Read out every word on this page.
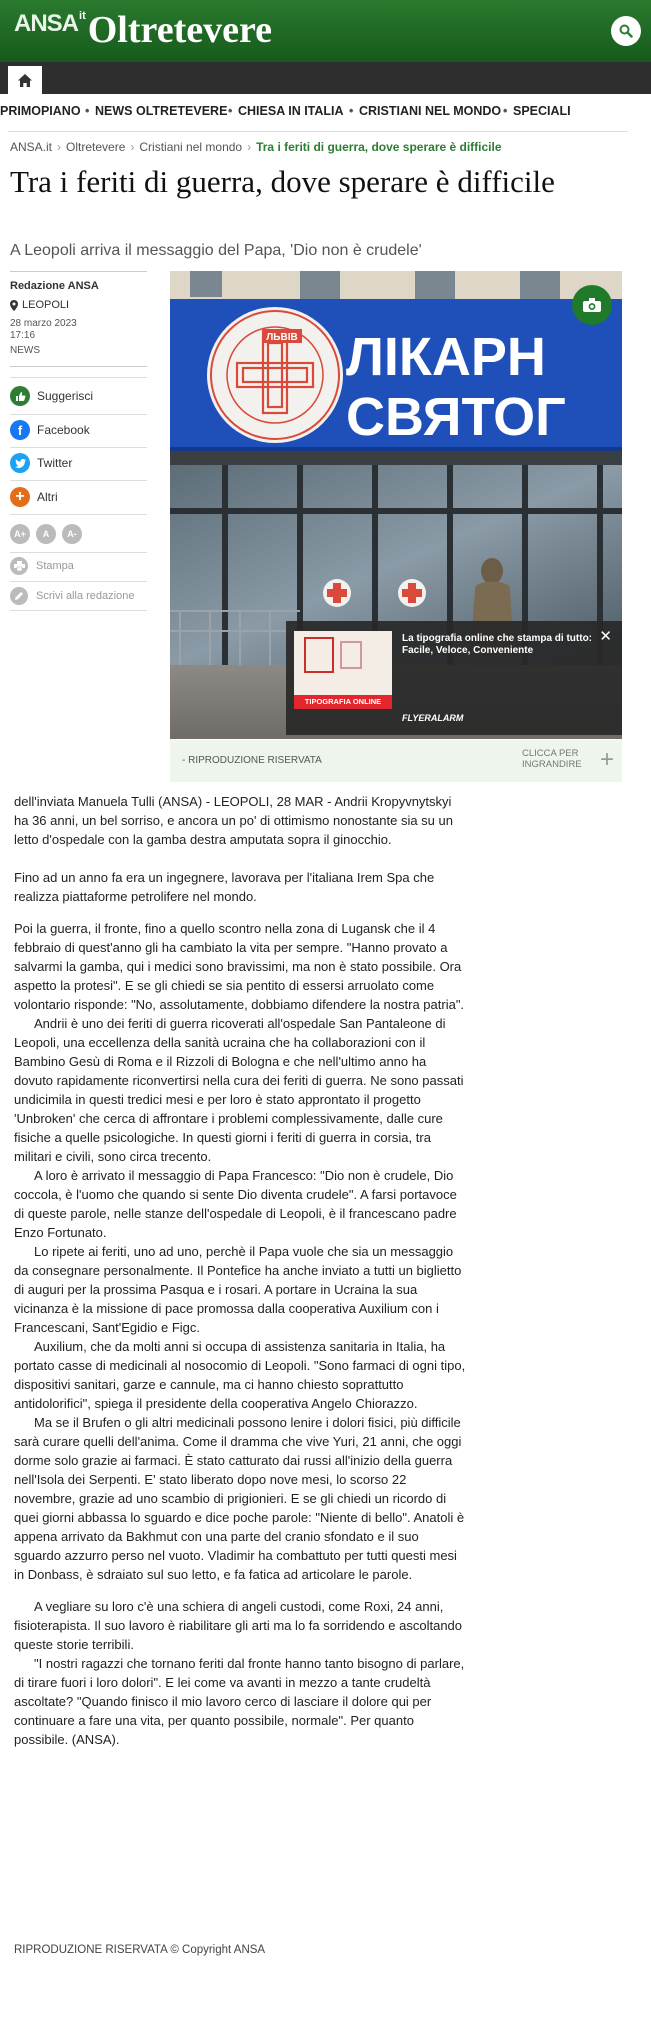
$ANSA^{it}Oltretevere$
PRIMOPIANO • NEWS OLTRETEVERE • CHIESA IN ITALIA • CRISTIANI NEL MONDO • SPECIALI
ANSA.it › Oltretevere › Cristiani nel mondo › Tra i feriti di guerra, dove sperare è difficile
Tra i feriti di guerra, dove sperare è difficile
A Leopoli arriva il messaggio del Papa, 'Dio non è crudele'
Redazione ANSA
LEOPOLI
28 marzo 2023
17:16
NEWS
Suggerisci
f	Facebook
Twitter
+	Altri
A+	A	A-
Stampa
Scrivi alla redazione
ЛЬВІВ ЛІКАРН
СВЯТОГ
TIPOGRAFIA ONLINE
La tipografia online che stampa di tutto: Facile, Veloce, Conveniente
✕
FLYERALARM
- RIPRODUZIONE RISERVATA
CLICCA PER
INGRANDIRE +

dell'inviata Manuela Tulli (ANSA) - LEOPOLI, 28 MAR - Andrii Kropyvnytskyi ha 36 anni, un bel sorriso, e ancora un po' di ottimismo nonostante sia su un letto d'ospedale con la gamba destra amputata sopra il ginocchio.

Fino ad un anno fa era un ingegnere, lavorava per l'italiana Irem Spa che realizza piattaforme petrolifere nel mondo.

Poi la guerra, il fronte, fino a quello scontro nella zona di Lugansk che il 4 febbraio di quest'anno gli ha cambiato la vita per sempre. "Hanno provato a salvarmi la gamba, qui i medici sono bravissimi, ma non è stato possibile. Ora aspetto la protesi". E se gli chiedi se sia pentito di essersi arruolato come volontario risponde: "No, assolutamente, dobbiamo difendere la nostra patria".

Andrii è uno dei feriti di guerra ricoverati all'ospedale San Pantaleone di Leopoli, una eccellenza della sanità ucraina che ha collaborazioni con il Bambino Gesù di Roma e il Rizzoli di Bologna e che nell'ultimo anno ha dovuto rapidamente riconvertirsi nella cura dei feriti di guerra. Ne sono passati undicimila in questi tredici mesi e per loro è stato approntato il progetto 'Unbroken' che cerca di affrontare i problemi complessivamente, dalle cure fisiche a quelle psicologiche. In questi giorni i feriti di guerra in corsia, tra militari e civili, sono circa trecento.

A loro è arrivato il messaggio di Papa Francesco: "Dio non è crudele, Dio coccola, è l'uomo che quando si sente Dio diventa crudele". A farsi portavoce di queste parole, nelle stanze dell'ospedale di Leopoli, è il francescano padre Enzo Fortunato.

Lo ripete ai feriti, uno ad uno, perchè il Papa vuole che sia un messaggio da consegnare personalmente. Il Pontefice ha anche inviato a tutti un biglietto di auguri per la prossima Pasqua e i rosari. A portare in Ucraina la sua vicinanza è la missione di pace promossa dalla cooperativa Auxilium con i Francescani, Sant'Egidio e Figc.

Auxilium, che da molti anni si occupa di assistenza sanitaria in Italia, ha portato casse di medicinali al nosocomio di Leopoli. "Sono farmaci di ogni tipo, dispositivi sanitari, garze e cannule, ma ci hanno chiesto soprattutto antidolorifici", spiega il presidente della cooperativa Angelo Chiorazzo.

Ma se il Brufen o gli altri medicinali possono lenire i dolori fisici, più difficile sarà curare quelli dell'anima. Come il dramma che vive Yuri, 21 anni, che oggi dorme solo grazie ai farmaci. È stato catturato dai russi all'inizio della guerra nell'Isola dei Serpenti. E' stato liberato dopo nove mesi, lo scorso 22 novembre, grazie ad uno scambio di prigionieri. E se gli chiedi un ricordo di quei giorni abbassa lo sguardo e dice poche parole: "Niente di bello". Anatoli è appena arrivato da Bakhmut con una parte del cranio sfondato e il suo sguardo azzurro perso nel vuoto. Vladimir ha combattuto per tutti questi mesi in Donbass, è sdraiato sul suo letto, e fa fatica ad articolare le parole.

A vegliare su loro c'è una schiera di angeli custodi, come Roxi, 24 anni, fisioterapista. Il suo lavoro è riabilitare gli arti ma lo fa sorridendo e ascoltando queste storie terribili.

"I nostri ragazzi che tornano feriti dal fronte hanno tanto bisogno di parlare, di tirare fuori i loro dolori". E lei come va avanti in mezzo a tante crudeltà ascoltate? "Quando finisco il mio lavoro cerco di lasciare il dolore qui per continuare a fare una vita, per quanto possibile, normale". Per quanto possibile. (ANSA).

RIPRODUZIONE RISERVATA © Copyright ANSA
